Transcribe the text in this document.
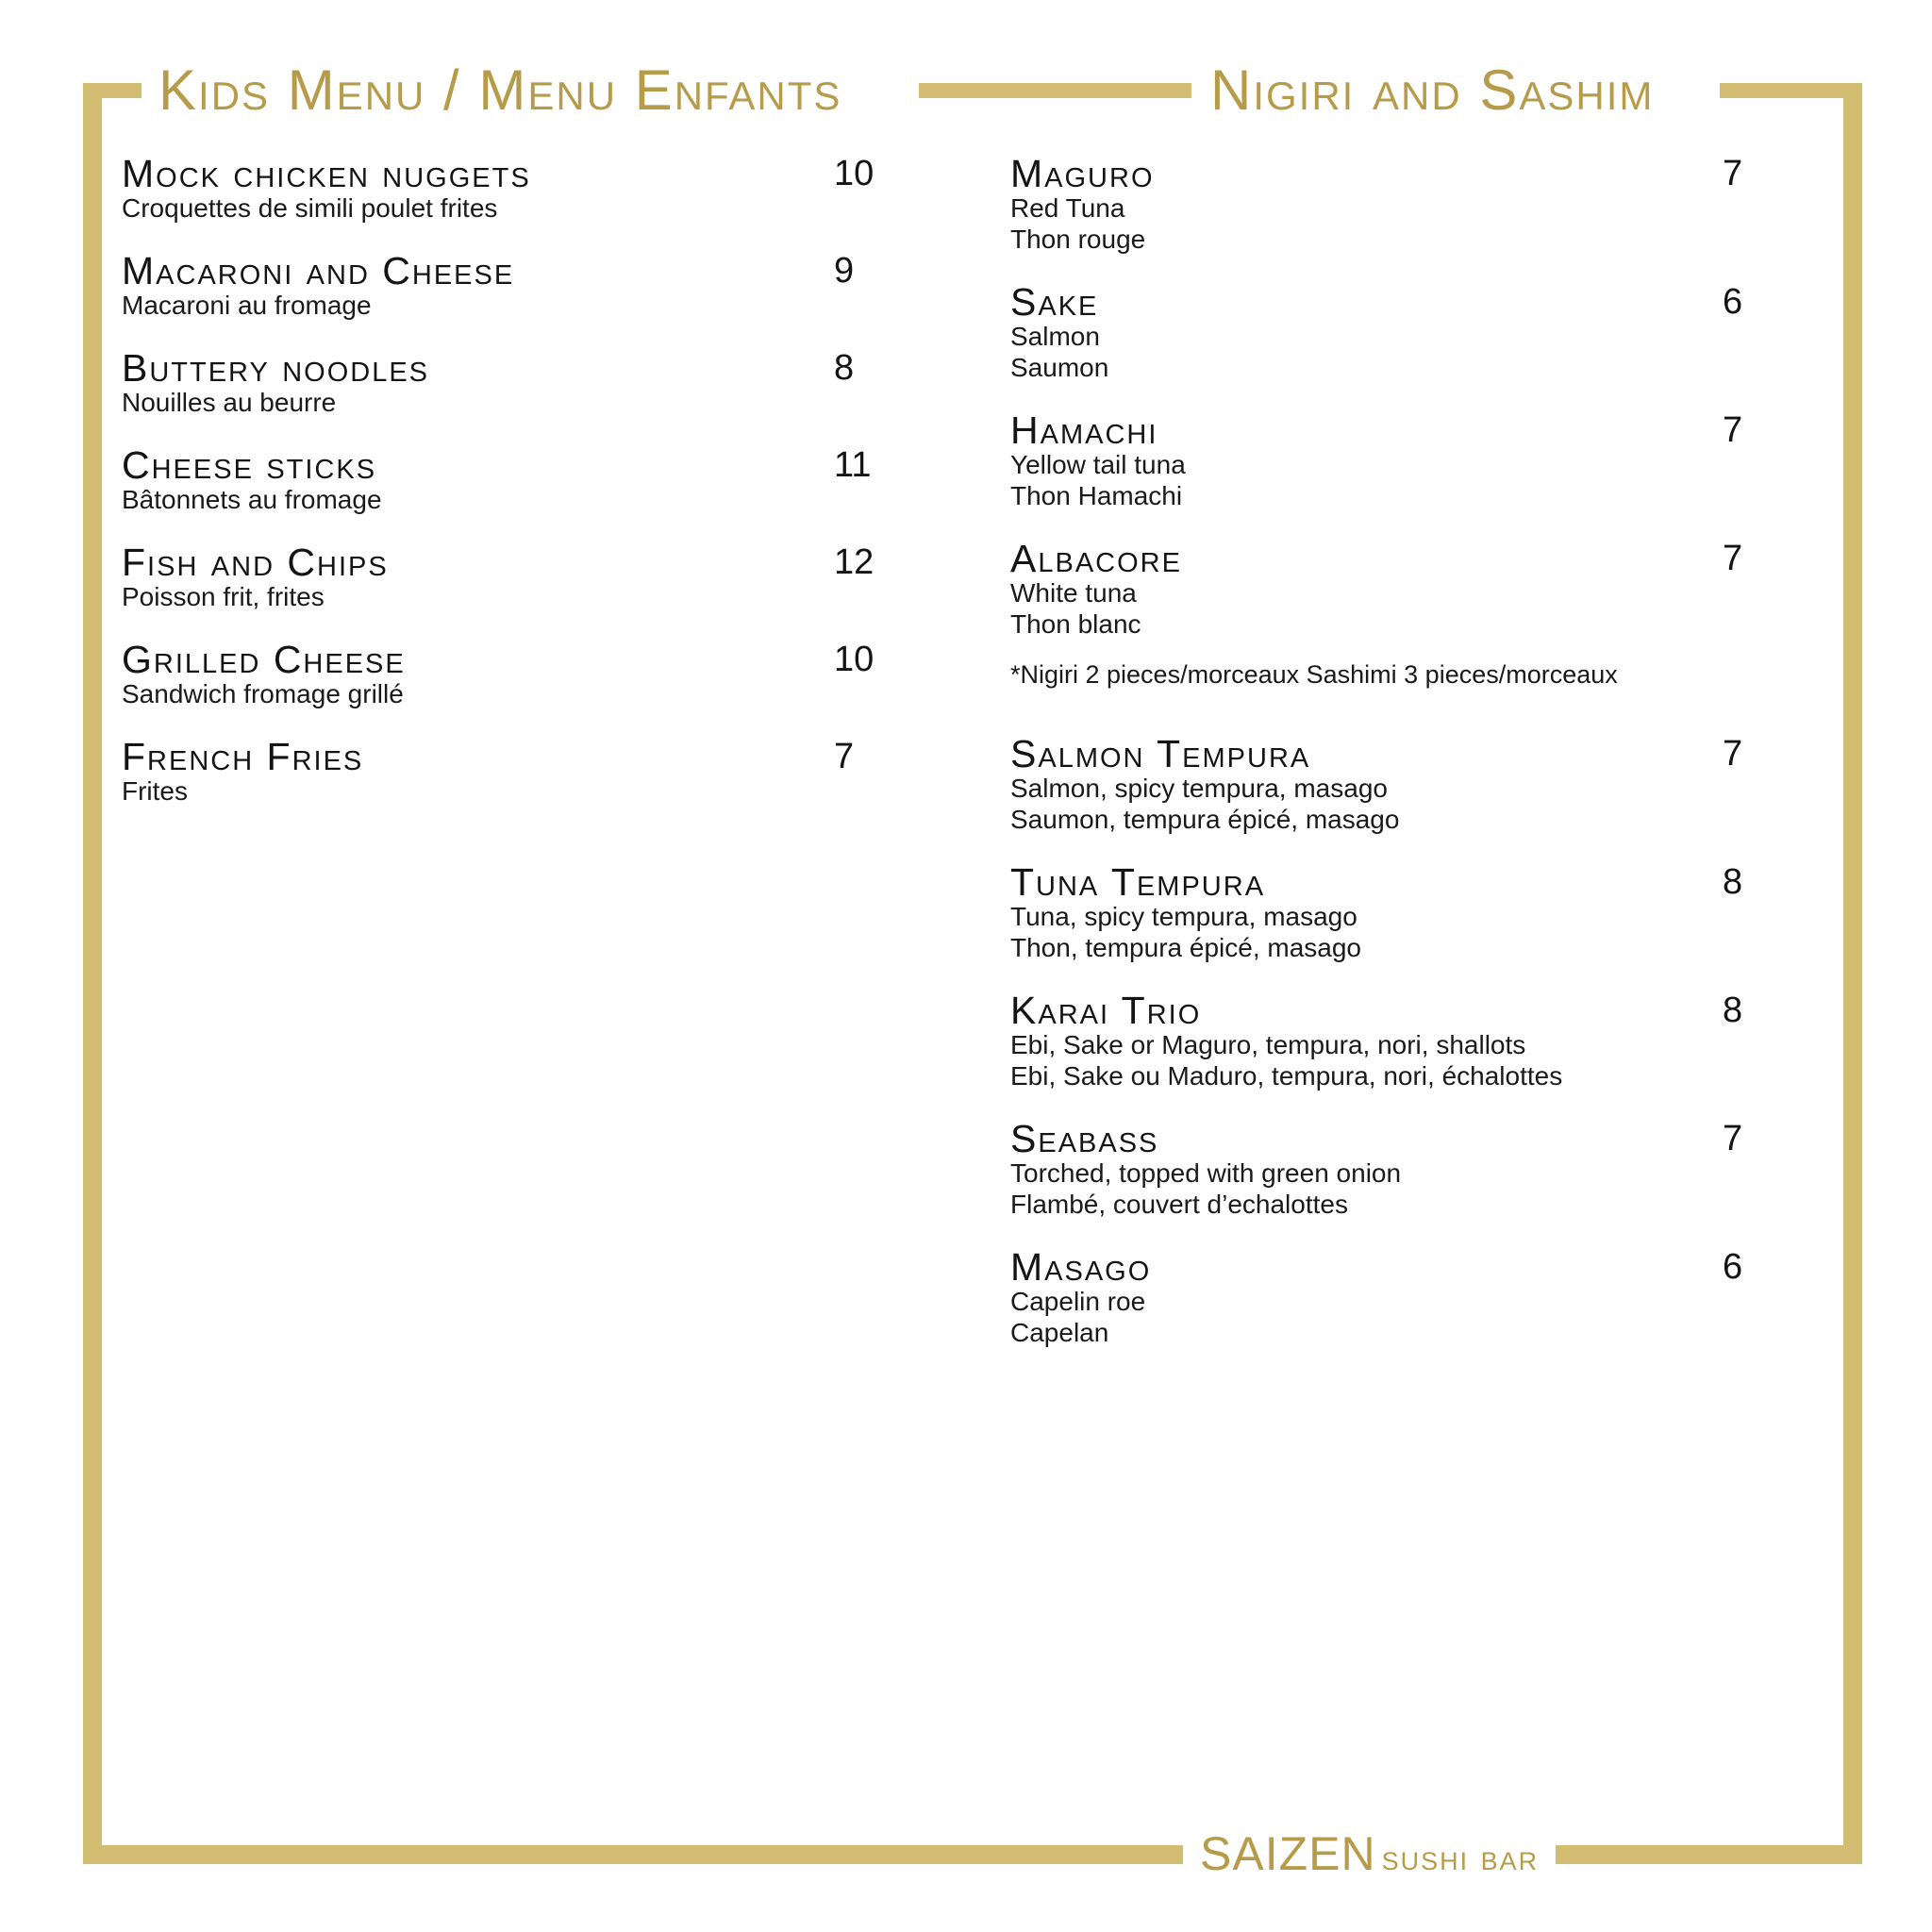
Kids Menu / Menu Enfants	Nigiri and Sashim
Mock chicken nuggets	10
Croquettes de simili poulet frites
Macaroni and Cheese	9
Macaroni au fromage
Buttery noodles	8
Nouilles au beurre
Cheese sticks	11
Bâtonnets au fromage
Fish and Chips	12
Poisson frit, frites
Grilled Cheese	10
Sandwich fromage grillé
French Fries	7
Frites
Maguro	7
Red Tuna
Thon rouge
Sake	6
Salmon
Saumon
Hamachi	7
Yellow tail tuna
Thon Hamachi
Albacore	7
White tuna
Thon blanc
*Nigiri 2 pieces/morceaux Sashimi 3 pieces/morceaux
Salmon Tempura	7
Salmon, spicy tempura, masago
Saumon, tempura épicé, masago
Tuna Tempura	8
Tuna, spicy tempura, masago
Thon, tempura épicé, masago
Karai Trio	8
Ebi, Sake or Maguro, tempura, nori, shallots
Ebi, Sake ou Maduro, tempura, nori, échalottes
Seabass	7
Torched, topped with green onion
Flambé, couvert d’echalottes
Masago	6
Capelin roe
Capelan
SAIZEN sushi bar
